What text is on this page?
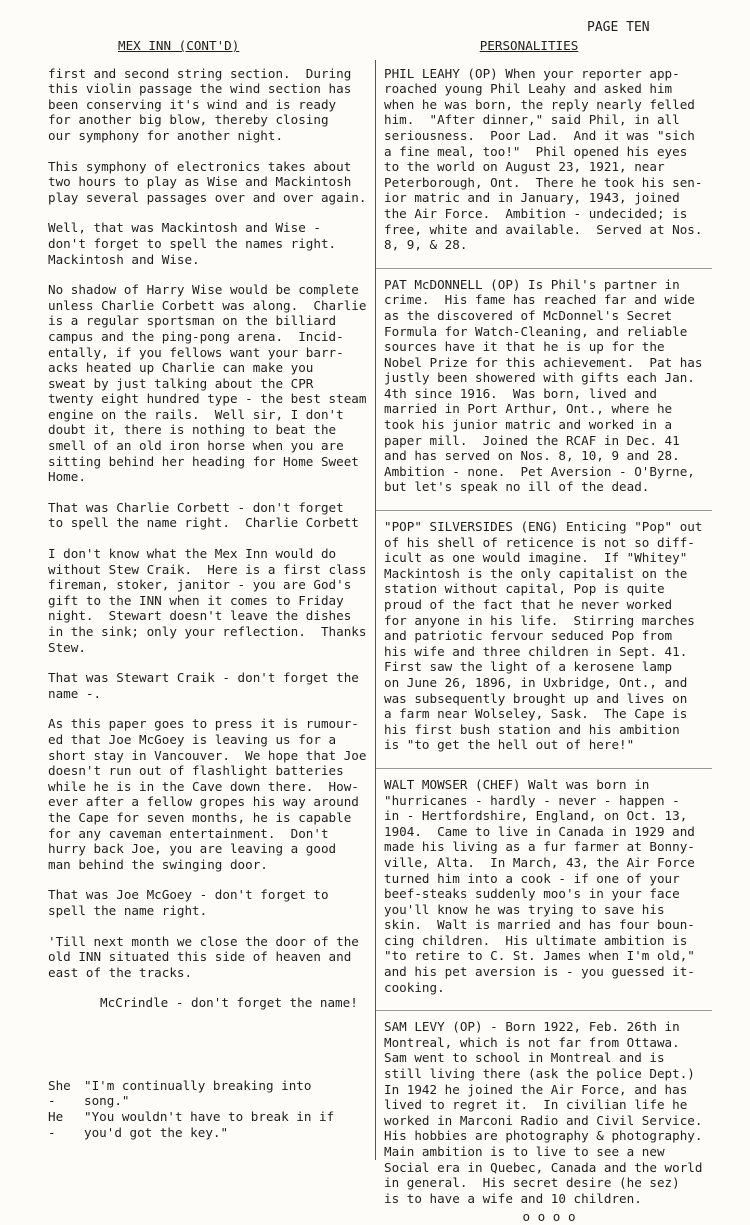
PAGE TEN
MEX INN (CONT'D)

first and second string section.  During
this violin passage the wind section has
been conserving it's wind and is ready
for another big blow, thereby closing
our symphony for another night.

This symphony of electronics takes about
two hours to play as Wise and Mackintosh
play several passages over and over again.

Well, that was Mackintosh and Wise -
don't forget to spell the names right.
Mackintosh and Wise.

No shadow of Harry Wise would be complete
unless Charlie Corbett was along.  Charlie
is a regular sportsman on the billiard
campus and the ping-pong arena.  Incid-
entally, if you fellows want your barr-
acks heated up Charlie can make you
sweat by just talking about the CPR
twenty eight hundred type - the best steam
engine on the rails.  Well sir, I don't
doubt it, there is nothing to beat the
smell of an old iron horse when you are
sitting behind her heading for Home Sweet
Home.

That was Charlie Corbett - don't forget
to spell the name right.  Charlie Corbett

I don't know what the Mex Inn would do
without Stew Craik.  Here is a first class
fireman, stoker, janitor - you are God's
gift to the INN when it comes to Friday
night.  Stewart doesn't leave the dishes
in the sink; only your reflection.  Thanks
Stew.

That was Stewart Craik - don't forget the
name -.

As this paper goes to press it is rumour-
ed that Joe McGoey is leaving us for a
short stay in Vancouver.  We hope that Joe
doesn't run out of flashlight batteries
while he is in the Cave down there.  How-
ever after a fellow gropes his way around
the Cape for seven months, he is capable
for any caveman entertainment.  Don't
hurry back Joe, you are leaving a good
man behind the swinging door.

That was Joe McGoey - don't forget to
spell the name right.

'Till next month we close the door of the
old INN situated this side of heaven and
east of the tracks.

McCrindle - don't forget the name!

She -
"I'm continually breaking into
song."
He  -
"You wouldn't have to break in if
you'd got the key."
PERSONALITIES

PHIL LEAHY (OP) When your reporter app-
roached young Phil Leahy and asked him
when he was born, the reply nearly felled
him.  "After dinner," said Phil, in all
seriousness.  Poor Lad.  And it was "sich
a fine meal, too!"  Phil opened his eyes
to the world on August 23, 1921, near
Peterborough, Ont.  There he took his sen-
ior matric and in January, 1943, joined
the Air Force.  Ambition - undecided; is
free, white and available.  Served at Nos.
8, 9, & 28.

PAT McDONNELL (OP) Is Phil's partner in
crime.  His fame has reached far and wide
as the discovered of McDonnel's Secret
Formula for Watch-Cleaning, and reliable
sources have it that he is up for the
Nobel Prize for this achievement.  Pat has
justly been showered with gifts each Jan.
4th since 1916.  Was born, lived and
married in Port Arthur, Ont., where he
took his junior matric and worked in a
paper mill.  Joined the RCAF in Dec. 41
and has served on Nos. 8, 10, 9 and 28.
Ambition - none.  Pet Aversion - O'Byrne,
but let's speak no ill of the dead.

"POP" SILVERSIDES (ENG) Enticing "Pop" out
of his shell of reticence is not so diff-
icult as one would imagine.  If "Whitey"
Mackintosh is the only capitalist on the
station without capital, Pop is quite
proud of the fact that he never worked
for anyone in his life.  Stirring marches
and patriotic fervour seduced Pop from
his wife and three children in Sept. 41.
First saw the light of a kerosene lamp
on June 26, 1896, in Uxbridge, Ont., and
was subsequently brought up and lives on
a farm near Wolseley, Sask.  The Cape is
his first bush station and his ambition
is "to get the hell out of here!"

WALT MOWSER (CHEF) Walt was born in
"hurricanes - hardly - never - happen -
in - Hertfordshire, England, on Oct. 13,
1904.  Came to live in Canada in 1929 and
made his living as a fur farmer at Bonny-
ville, Alta.  In March, 43, the Air Force
turned him into a cook - if one of your
beef-steaks suddenly moo's in your face
you'll know he was trying to save his
skin.  Walt is married and has four boun-
cing children.  His ultimate ambition is
"to retire to C. St. James when I'm old,"
and his pet aversion is - you guessed it-
cooking.

SAM LEVY (OP) - Born 1922, Feb. 26th in
Montreal, which is not far from Ottawa.
Sam went to school in Montreal and is
still living there (ask the police Dept.)
In 1942 he joined the Air Force, and has
lived to regret it.  In civilian life he
worked in Marconi Radio and Civil Service.
His hobbies are photography & photography.
Main ambition is to live to see a new
Social era in Quebec, Canada and the world
in general.  His secret desire (he sez)
is to have a wife and 10 children.

o o o o
